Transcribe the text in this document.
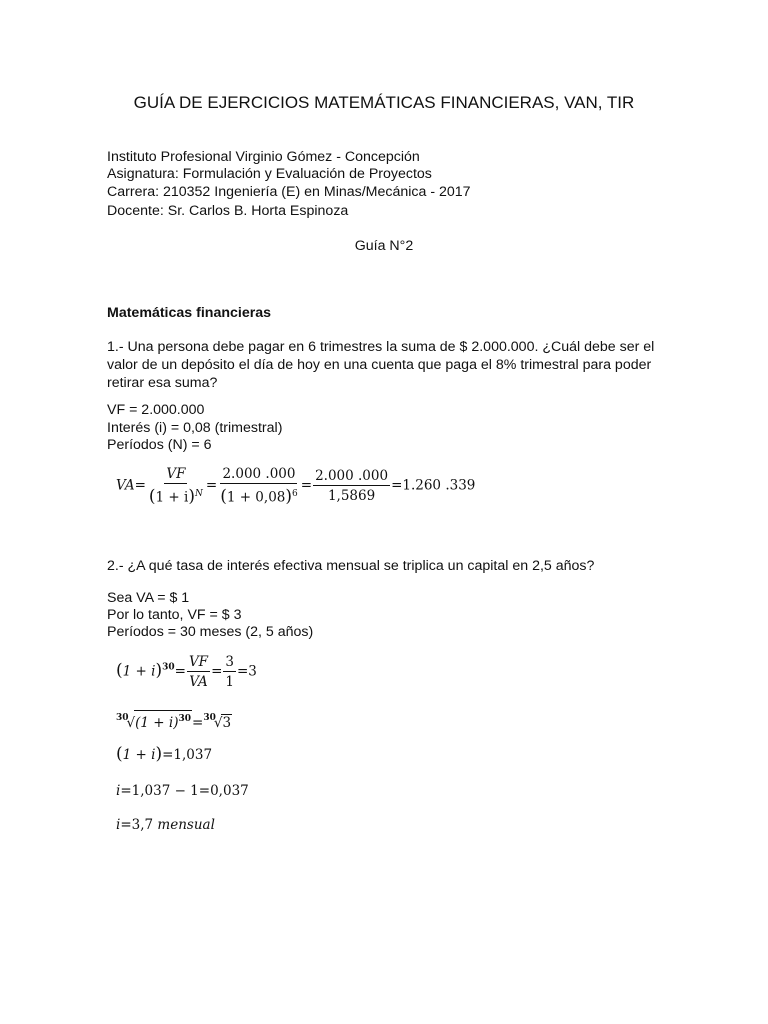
GUÍA DE EJERCICIOS MATEMÁTICAS FINANCIERAS, VAN, TIR
Instituto Profesional Virginio Gómez - Concepción
Asignatura: Formulación y Evaluación de Proyectos
Carrera: 210352 Ingeniería (E) en Minas/Mecánica - 2017
Docente: Sr. Carlos B. Horta Espinoza
Guía N°2
Matemáticas financieras
1.- Una persona debe pagar en 6 trimestres la suma de $ 2.000.000. ¿Cuál debe ser el valor de un depósito el día de hoy en una cuenta que paga el 8% trimestral para poder retirar esa suma?
VF = 2.000.000
Interés (i) = 0,08 (trimestral)
Períodos (N) = 6
$VA= \frac{VF}{(1 + i)^N} = \frac{2.000 .000}{(1 + 0,08)^6} = \frac{2.000 .000}{1,5869} =1.260$ .339
2.- ¿A qué tasa de interés efectiva mensual se triplica un capital en 2,5 años?
Sea VA = $ 1
Por lo tanto, VF = $ 3
Períodos = 30 meses (2, 5 años)
$(1 + i)^{30}= \frac{VF}{VA} = \frac{3}{1} =3$
$^{30}√(1 + i)^{30}=^{30}√3$
(1 + i)=1,037
i=1,037 − 1=0,037
i=3,7 mensual
